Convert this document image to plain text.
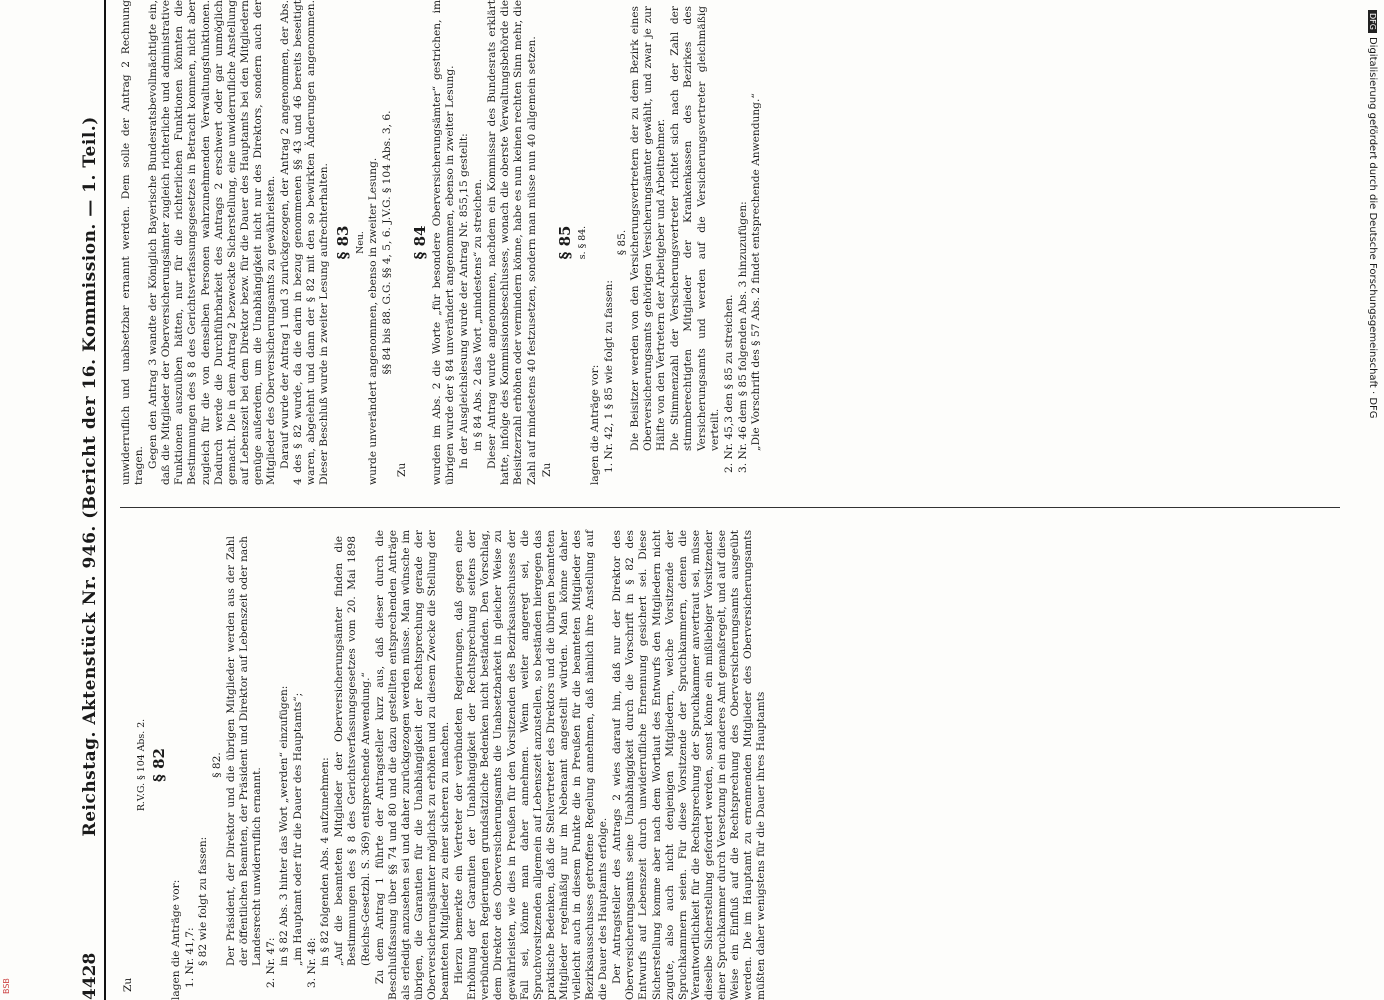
4428
Reichstag. Aktenstück Nr. 946. (Bericht der 16. Kommission. — 1. Teil.)

Zu

R.V.G. § 104 Abs. 2. § 82

lagen die Anträge vor: 1. Nr. 41,7: § 82 wie folgt zu fassen:

§ 82. Der Präsident, der Direktor und die übrigen Mitglieder werden aus der Zahl der öffentlichen Beamten, der Präsident und Direktor auf Lebenszeit oder nach Landesrecht unwiderruflich ernannt. 2. Nr. 47: in § 82 Abs. 3 hinter das Wort „werden“ einzufügen: „im Hauptamt oder für die Dauer des Hauptamts“; 3. Nr. 48: in § 82 folgenden Abs. 4 aufzunehmen: „Auf die beamteten Mitglieder der Oberversicherungsämter finden die Bestimmungen des § 8 des Gerichtsverfassungsgesetzes vom 20. Mai 1898 (Reichs-Gesetzbl. S. 369) entsprechende Anwendung.“ Zu dem Antrag 1 führte der Antragsteller kurz aus, daß dieser durch die Beschlußfassung über §§ 74 und 80 und die dazu gestellten entsprechenden Anträge als erledigt anzusehen sei und daher zurückgezogen werden müsse. Man wünsche im übrigen, die Garantien für die Unabhängigkeit der Rechtsprechung gerade der Oberversicherungsämter möglichst zu erhöhen und zu diesem Zwecke die Stellung der beamteten Mitglieder zu einer sicheren zu machen. Hierzu bemerkte ein Vertreter der verbündeten Regierungen, daß gegen eine Erhöhung der Garantien der Unabhängigkeit der Rechtsprechung seitens der verbündeten Regierungen grundsätzliche Bedenken nicht beständen. Den Vorschlag, dem Direktor des Oberversicherungsamts die Unabsetzbarkeit in gleicher Weise zu gewährleisten, wie dies in Preußen für den Vorsitzenden des Bezirksausschusses der Fall sei, könne man daher annehmen. Wenn weiter angeregt sei, die Spruchvorsitzenden allgemein auf Lebenszeit anzustellen, so beständen hiergegen das praktische Bedenken, daß die Stellvertreter des Direktors und die übrigen beamteten Mitglieder regelmäßig nur im Nebenamt angestellt würden. Man könne daher vielleicht auch in diesem Punkte die in Preußen für die beamteten Mitglieder des Bezirksausschusses getroffene Regelung annehmen, daß nämlich ihre Anstellung auf die Dauer des Hauptamts erfolge. Der Antragsteller des Antrags 2 wies darauf hin, daß nur der Direktor des Oberversicherungsamts seine Unabhängigkeit durch die Vorschrift in § 82 des Entwurfs auf Lebenszeit durch unwiderrufliche Ernennung gesichert sei. Diese Sicherstellung komme aber nach dem Wortlaut des Entwurfs den Mitgliedern nicht zugute, also auch nicht denjenigen Mitgliedern, welche Vorsitzende der Spruchkammern seien. Für diese Vorsitzende der Spruchkammern, denen die Verantwortlichkeit für die Rechtsprechung der Spruchkammer anvertraut sei, müsse dieselbe Sicherstellung gefordert werden, sonst könne ein mißliebiger Vorsitzender einer Spruchkammer durch Versetzung in ein anderes Amt gemaßregelt, und auf diese Weise ein Einfluß auf die Rechtsprechung des Oberversicherungsamts ausgeübt werden. Die im Hauptamt zu ernennenden Mitglieder des Oberversicherungsamts müßten daher wenigstens für die Dauer ihres Hauptamts

unwiderruflich und unabsetzbar ernannt werden. Dem solle der Antrag 2 Rechnung tragen. Gegen den Antrag 3 wandte der Königlich Bayerische Bundesratsbevollmächtigte ein, daß die Mitglieder der Oberversicherungsämter zugleich richterliche und administrative Funktionen auszuüben hätten, nur für die richterlichen Funktionen könnten die Bestimmungen des § 8 des Gerichtsverfassungsgesetzes in Betracht kommen, nicht aber zugleich für die von denselben Personen wahrzunehmenden Verwaltungsfunktionen. Dadurch werde die Durchführbarkeit des Antrags 2 erschwert oder gar unmöglich gemacht. Die in dem Antrag 2 bezweckte Sicherstellung, eine unwiderrufliche Anstellung auf Lebenszeit bei dem Direktor bezw. für die Dauer des Hauptamts bei den Mitgliedern genüge außerdem, um die Unabhängigkeit nicht nur des Direktors, sondern auch der Mitglieder des Oberversicherungsamts zu gewährleisten. Darauf wurde der Antrag 1 und 3 zurückgezogen, der Antrag 2 angenommen, der Abs. 4 des § 82 wurde, da die darin in bezug genommenen §§ 43 und 46 bereits beseitigt waren, abgelehnt und dann der § 82 mit den so bewirkten Änderungen angenommen. Dieser Beschluß wurde in zweiter Lesung aufrechterhalten. § 83 Neu. wurde unverändert angenommen, ebenso in zweiter Lesung. §§ 84 bis 88. G.G. §§ 4, 5, 6. J.V.G. § 104 Abs. 3, 6.

Zu

§ 84 wurden im Abs. 2 die Worte „für besondere Oberversicherungsämter“ gestrichen, im übrigen wurde der § 84 unverändert angenommen, ebenso in zweiter Lesung. In der Ausgleichslesung wurde der Antrag Nr. 855,15 gestellt: in § 84 Abs. 2 das Wort „mindestens“ zu streichen. Dieser Antrag wurde angenommen, nachdem ein Kommissar des Bundesrats erklärt hatte, infolge des Kommissionsbeschlusses, wonach die oberste Verwaltungsbehörde die Beisitzerzahl erhöhen oder vermindern könne, habe es nun keinen rechten Sinn mehr, die Zahl auf mindestens 40 festzusetzen, sondern man müsse nun 40 allgemein setzen. Zu

§ 85 s. § 84.

lagen die Anträge vor: 1. Nr. 42, 1 § 85 wie folgt zu fassen:

§ 85. Die Beisitzer werden von den Versicherungsvertretern der zu dem Bezirk eines Oberversicherungsamts gehörigen Versicherungsämter gewählt, und zwar je zur Hälfte von den Vertretern der Arbeitgeber und Arbeitnehmer. Die Stimmenzahl der Versicherungsvertreter richtet sich nach der Zahl der stimmberechtigten Mitglieder der Krankenkassen des Bezirkes des Versicherungsamts und werden auf die Versicherungsvertreter gleichmäßig verteilt. 2. Nr. 45,3 den § 85 zu streichen. 3. Nr. 46 dem § 85 folgenden Abs. 3 hinzuzufügen: „Die Vorschrift des § 57 Abs. 2 findet entsprechende Anwendung.“

DFGDigitalisierung gefördert durch die Deutsche Forschungsgemeinschaft · DFG
BSB
